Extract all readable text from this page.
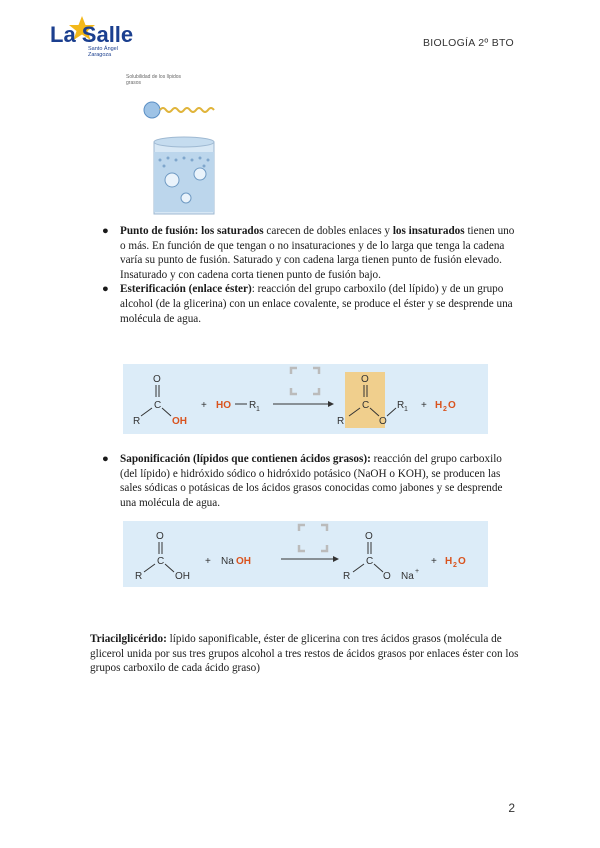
La Salle
Santo Ángel
Zaragoza
BIOLOGÍA 2º BTO
Solubilidad de los lípidos
grasos
● Punto de fusión: los saturados carecen de dobles enlaces y los insaturados tienen uno o más. En función de que tengan o no insaturaciones y de lo larga que tenga la cadena varía su punto de fusión. Saturado y con cadena larga tienen punto de fusión elevado. Insaturado y con cadena corta tienen punto de fusión bajo.
● Esterificación (enlace éster): reacción del grupo carboxilo (del lípido) y de un grupo alcohol (de la glicerina) con un enlace covalente, se produce el éster y se desprende una molécula de agua.
O
C
R	OH
+ HO R 1
O
C
R	O
R 1 + H 2 O
● Saponificación (lípidos que contienen ácidos grasos): reacción del grupo carboxilo (del lípido) e hidróxido sódico o hidróxido potásico (NaOH o KOH), se producen las sales sódicas o potásicas de los ácidos grasos conocidas como jabones y se desprende una molécula de agua.
O
C
R	OH
+ Na OH
O
C
R	O Na +
+ H 2 O
Triacilglicérido: lípido saponificable, éster de glicerina con tres ácidos grasos (molécula de glicerol unida por sus tres grupos alcohol a tres restos de ácidos grasos por enlaces éster con los grupos carboxilo de cada ácido graso)
2
